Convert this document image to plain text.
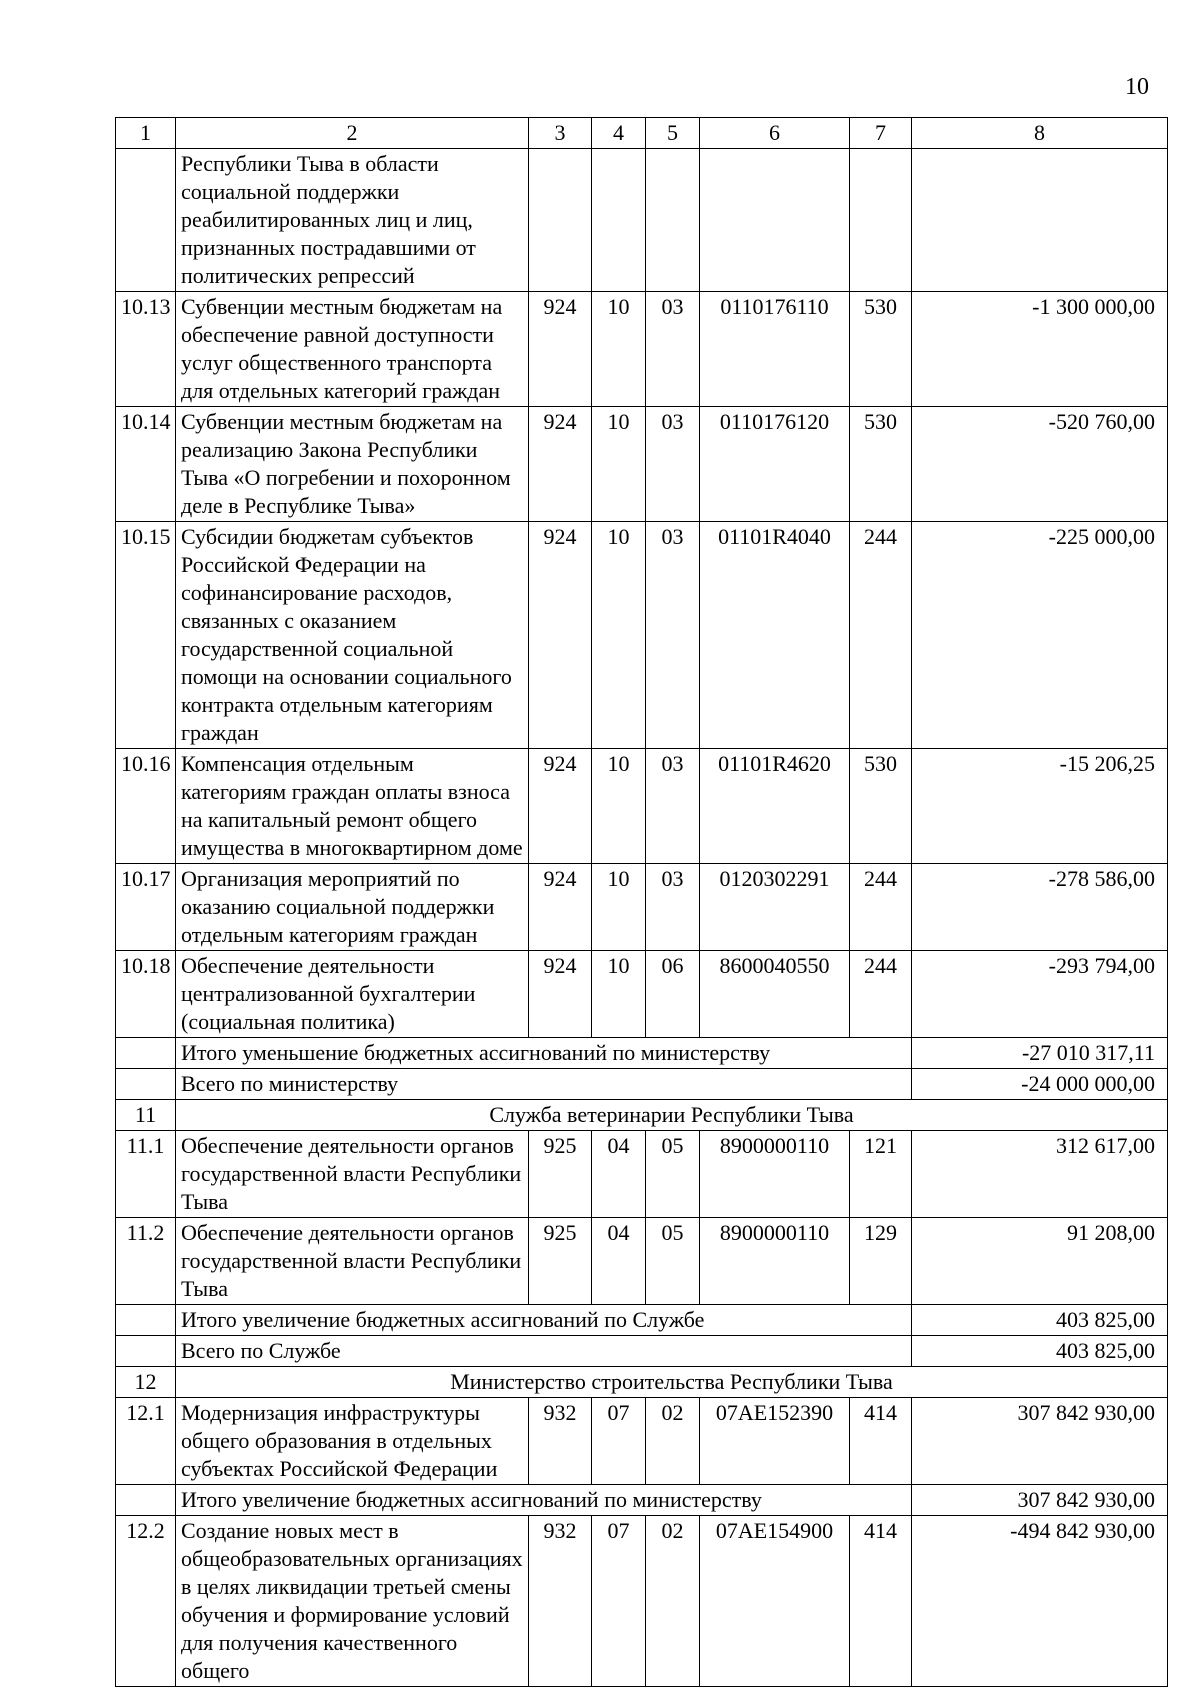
10
1	2	3	4	5	6	7	8
	Республики Тыва в области социальной поддержки реабилитированных лиц и лиц, признанных пострадавшими от политических репрессий						
10.13	Субвенции местным бюджетам на обеспечение равной доступности услуг общественного транспорта для отдельных категорий граждан	924	10	03	0110176110	530	-1 300 000,00
10.14	Субвенции местным бюджетам на реализацию Закона Республики Тыва «О погребении и похоронном деле в Республике Тыва»	924	10	03	0110176120	530	-520 760,00
10.15	Субсидии бюджетам субъектов Российской Федерации на софинансирование расходов, связанных с оказанием государственной социальной помощи на основании социального контракта отдельным категориям граждан	924	10	03	01101R4040	244	-225 000,00
10.16	Компенсация отдельным категориям граждан оплаты взноса на капитальный ремонт общего имущества в многоквартирном доме	924	10	03	01101R4620	530	-15 206,25
10.17	Организация мероприятий по оказанию социальной поддержки отдельным категориям граждан	924	10	03	0120302291	244	-278 586,00
10.18	Обеспечение деятельности централизованной бухгалтерии (социальная политика)	924	10	06	8600040550	244	-293 794,00
	Итого уменьшение бюджетных ассигнований по министерству						-27 010 317,11
	Всего по министерству						-24 000 000,00
11	Служба ветеринарии Республики Тыва						
11.1	Обеспечение деятельности органов государственной власти Республики Тыва	925	04	05	8900000110	121	312 617,00
11.2	Обеспечение деятельности органов государственной власти Республики Тыва	925	04	05	8900000110	129	91 208,00
	Итого увеличение бюджетных ассигнований по Службе						403 825,00
	Всего по Службе						403 825,00
12	Министерство строительства Республики Тыва						
12.1	Модернизация инфраструктуры общего образования в отдельных субъектах Российской Федерации	932	07	02	07AE152390	414	307 842 930,00
	Итого увеличение бюджетных ассигнований по министерству						307 842 930,00
12.2	Создание новых мест в общеобразовательных организациях в целях ликвидации третьей смены обучения и формирование условий для получения качественного общего	932	07	02	07AE154900	414	-494 842 930,00
